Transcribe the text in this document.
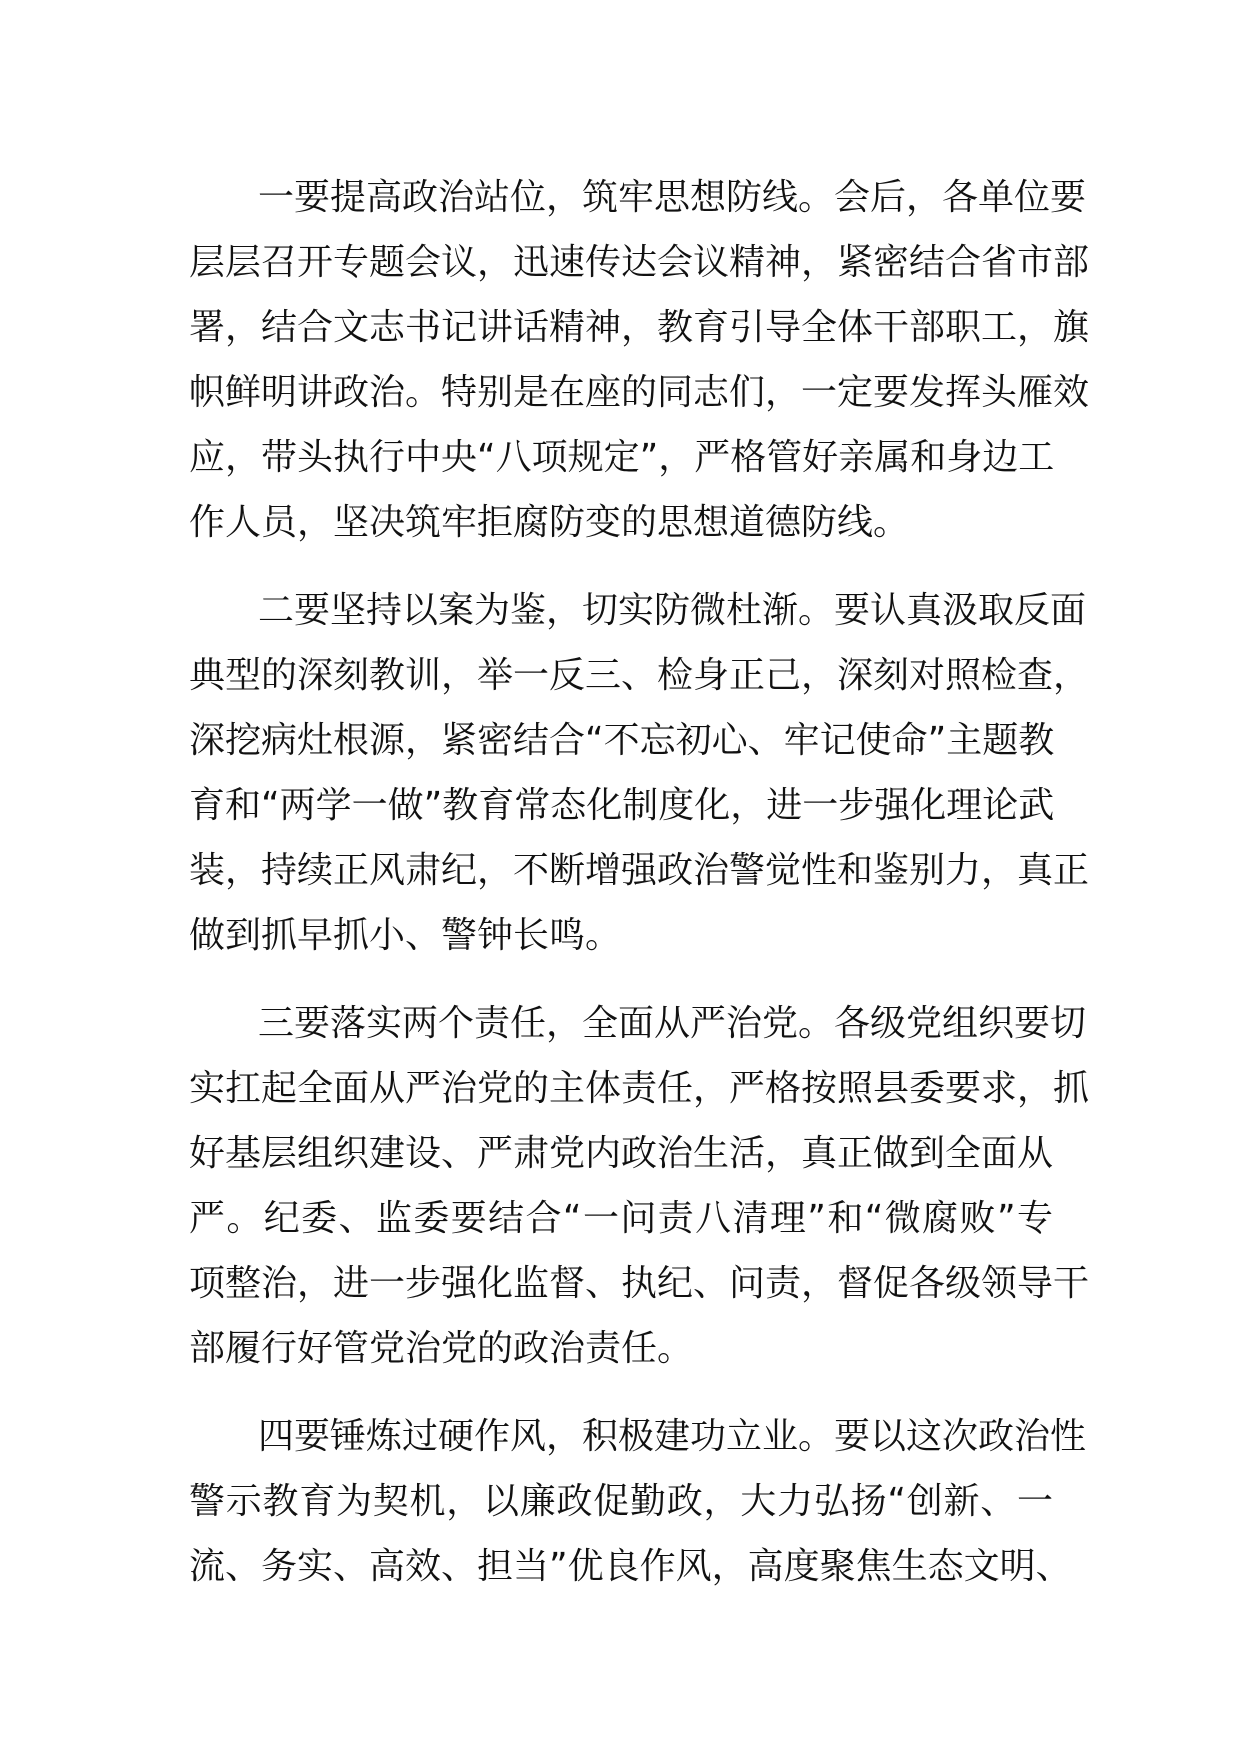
一要提高政治站位，筑牢思想防线。会后，各单位要
层层召开专题会议，迅速传达会议精神，紧密结合省市部
署，结合文志书记讲话精神，教育引导全体干部职工，旗
帜鲜明讲政治。特别是在座的同志们，一定要发挥头雁效
应，带头执行中央“八项规定”，严格管好亲属和身边工
作人员，坚决筑牢拒腐防变的思想道德防线。
二要坚持以案为鉴，切实防微杜渐。要认真汲取反面
典型的深刻教训，举一反三、检身正己，深刻对照检查，
深挖病灶根源，紧密结合“不忘初心、牢记使命”主题教
育和“两学一做”教育常态化制度化，进一步强化理论武
装，持续正风肃纪，不断增强政治警觉性和鉴别力，真正
做到抓早抓小、警钟长鸣。
三要落实两个责任，全面从严治党。各级党组织要切
实扛起全面从严治党的主体责任，严格按照县委要求，抓
好基层组织建设、严肃党内政治生活，真正做到全面从
严。纪委、监委要结合“一问责八清理”和“微腐败”专
项整治，进一步强化监督、执纪、问责，督促各级领导干
部履行好管党治党的政治责任。
四要锤炼过硬作风，积极建功立业。要以这次政治性
警示教育为契机，以廉政促勤政，大力弘扬“创新、一
流、务实、高效、担当”优良作风，高度聚焦生态文明、
